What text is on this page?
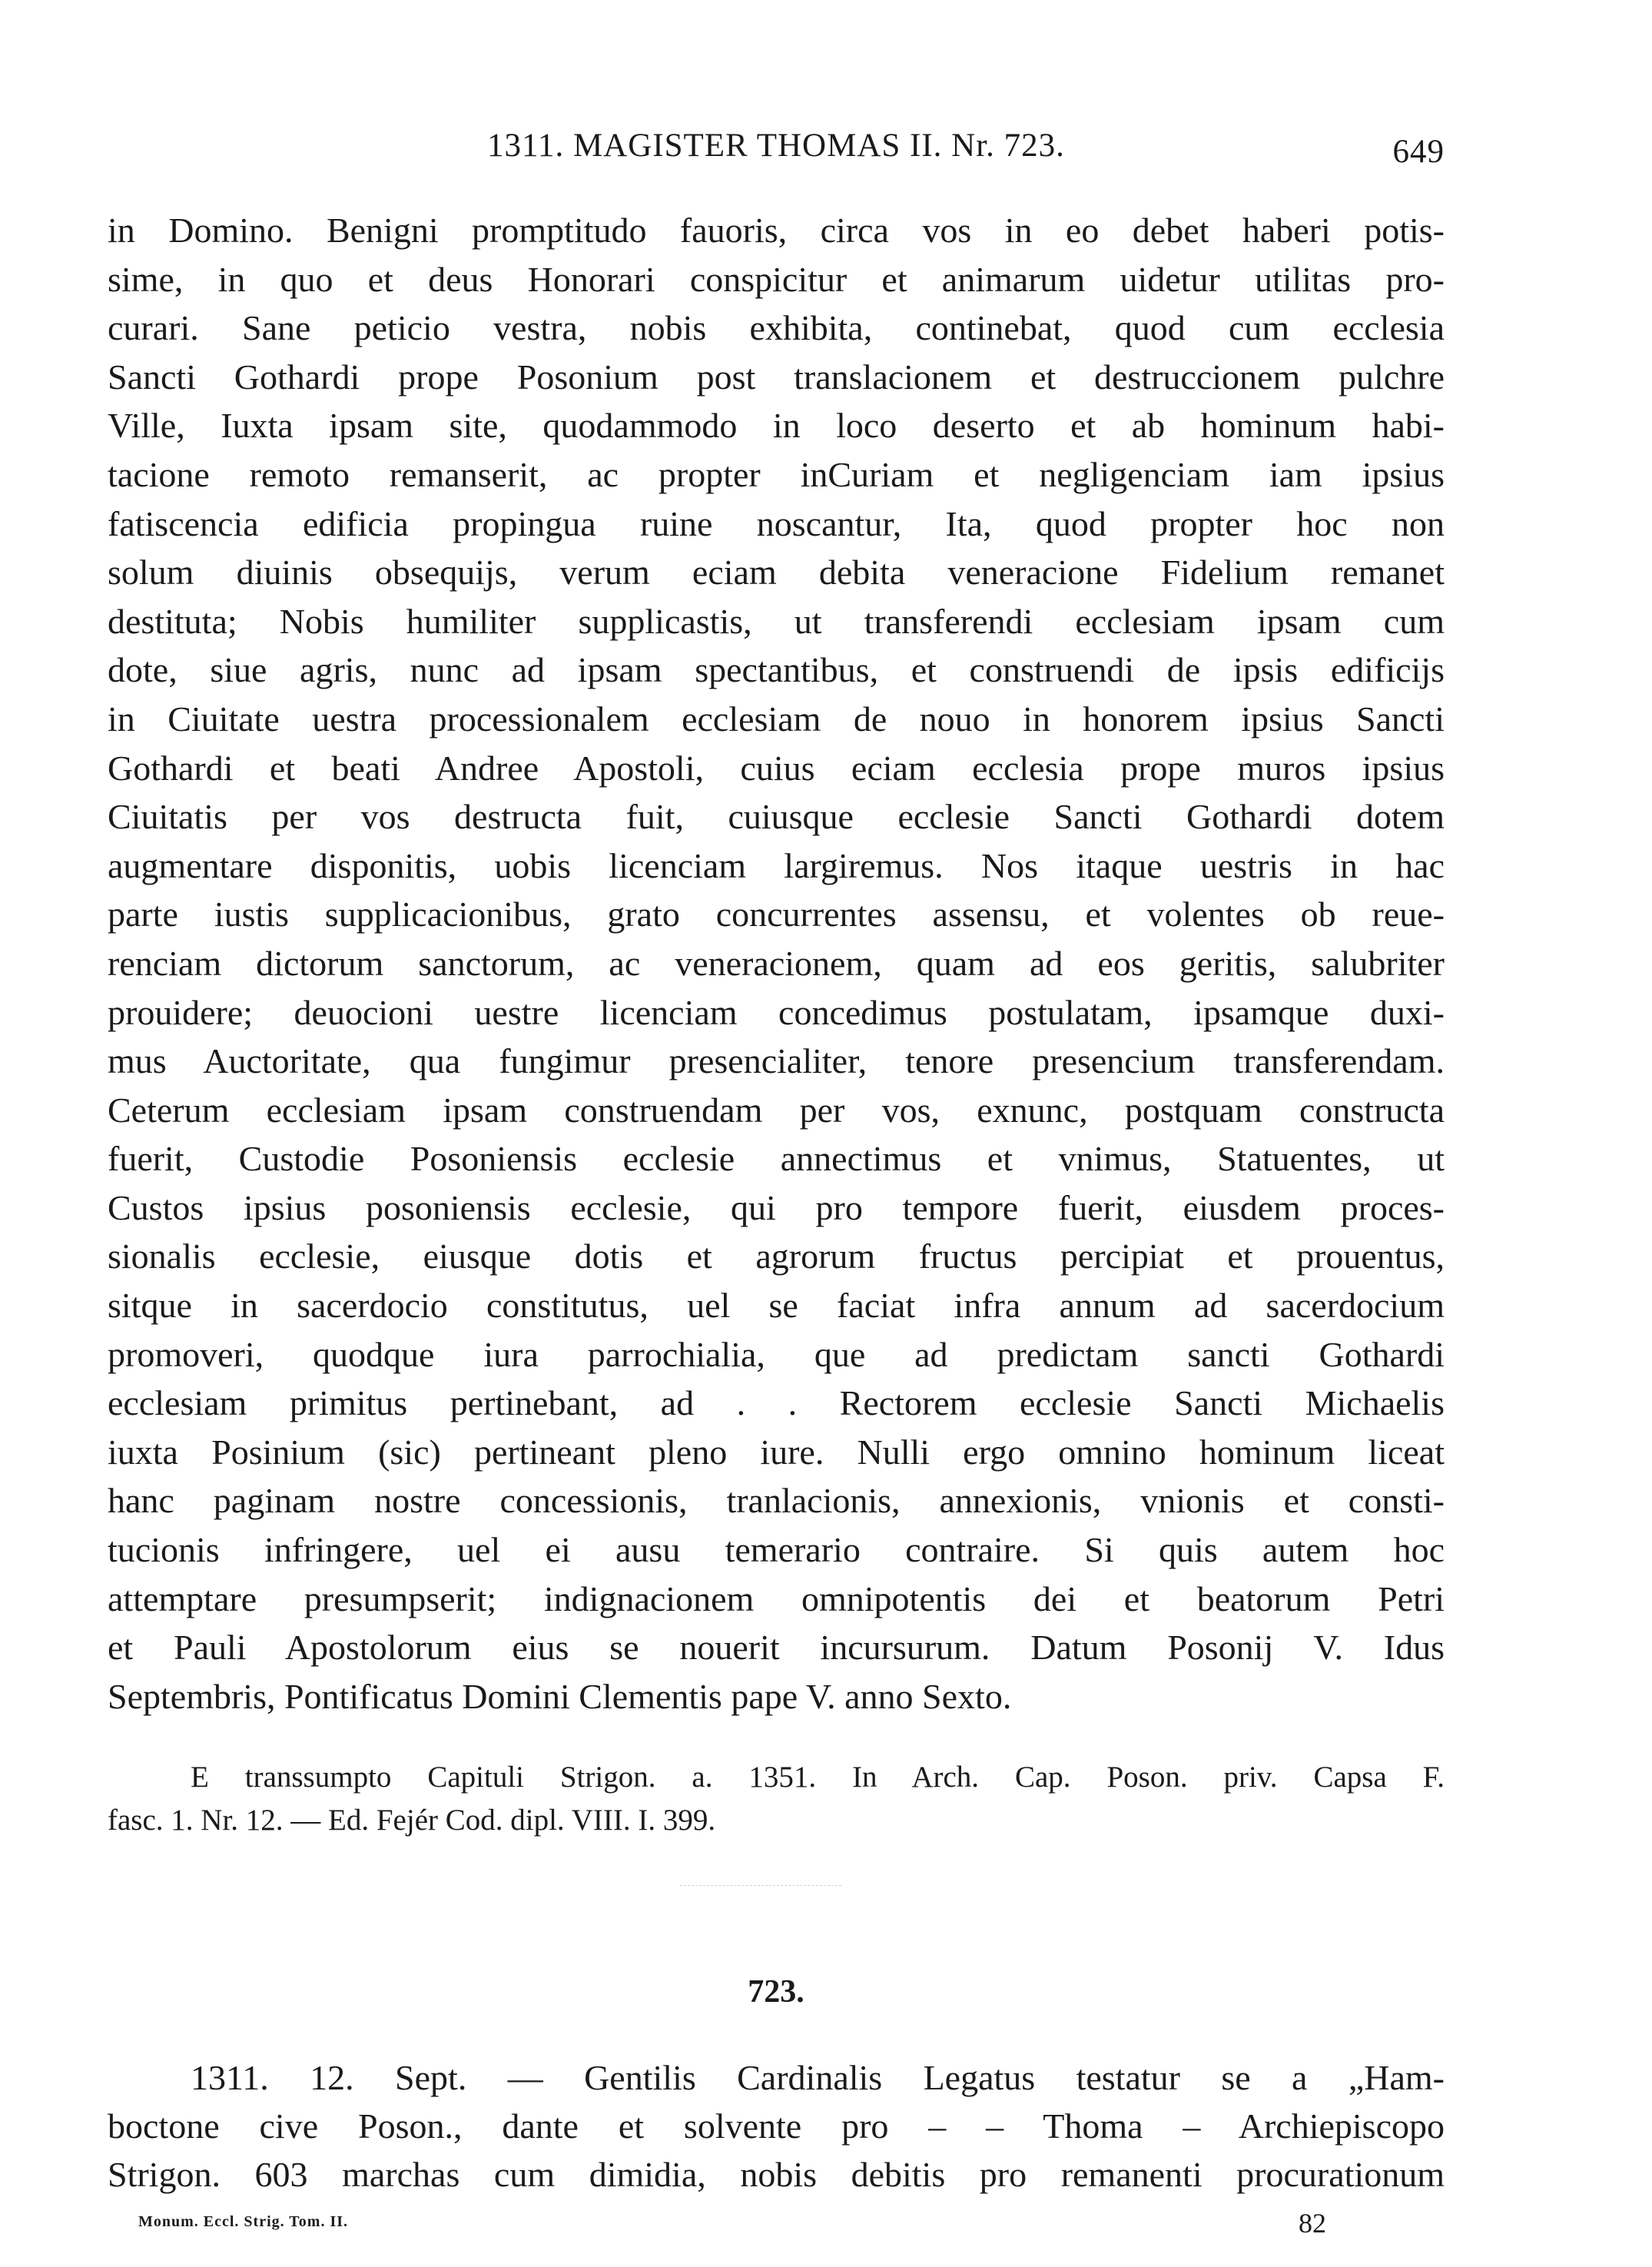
1311. MAGISTER THOMAS II. Nr. 723.	649
in Domino. Benigni promptitudo fauoris, circa vos in eo debet haberi potis-
sime, in quo et deus Honorari conspicitur et animarum uidetur utilitas pro-
curari. Sane peticio vestra, nobis exhibita, continebat, quod cum ecclesia
Sancti Gothardi prope Posonium post translacionem et destruccionem pulchre
Ville, Iuxta ipsam site, quodammodo in loco deserto et ab hominum habi-
tacione remoto remanserit, ac propter inCuriam et negligenciam iam ipsius
fatiscencia edificia propingua ruine noscantur, Ita, quod propter hoc non
solum diuinis obsequijs, verum eciam debita veneracione Fidelium remanet
destituta; Nobis humiliter supplicastis, ut transferendi ecclesiam ipsam cum
dote, siue agris, nunc ad ipsam spectantibus, et construendi de ipsis edificijs
in Ciuitate uestra processionalem ecclesiam de nouo in honorem ipsius Sancti
Gothardi et beati Andree Apostoli, cuius eciam ecclesia prope muros ipsius
Ciuitatis per vos destructa fuit, cuiusque ecclesie Sancti Gothardi dotem
augmentare disponitis, uobis licenciam largiremus. Nos itaque uestris in hac
parte iustis supplicacionibus, grato concurrentes assensu, et volentes ob reue-
renciam dictorum sanctorum, ac veneracionem, quam ad eos geritis, salubriter
prouidere; deuocioni uestre licenciam concedimus postulatam, ipsamque duxi-
mus Auctoritate, qua fungimur presencialiter, tenore presencium transferendam.
Ceterum ecclesiam ipsam construendam per vos, exnunc, postquam constructa
fuerit, Custodie Posoniensis ecclesie annectimus et vnimus, Statuentes, ut
Custos ipsius posoniensis ecclesie, qui pro tempore fuerit, eiusdem proces-
sionalis ecclesie, eiusque dotis et agrorum fructus percipiat et prouentus,
sitque in sacerdocio constitutus, uel se faciat infra annum ad sacerdocium
promoveri, quodque iura parrochialia, que ad predictam sancti Gothardi
ecclesiam primitus pertinebant, ad . . Rectorem ecclesie Sancti Michaelis
iuxta Posinium (sic) pertineant pleno iure. Nulli ergo omnino hominum liceat
hanc paginam nostre concessionis, tranlacionis, annexionis, vnionis et consti-
tucionis infringere, uel ei ausu temerario contraire. Si quis autem hoc
attemptare presumpserit; indignacionem omnipotentis dei et beatorum Petri
et Pauli Apostolorum eius se nouerit incursurum. Datum Posonij V. Idus
Septembris, Pontificatus Domini Clementis pape V. anno Sexto.
E transsumpto Capituli Strigon. a. 1351. In Arch. Cap. Poson. priv. Capsa F.
fasc. 1. Nr. 12. — Ed. Fejér Cod. dipl. VIII. I. 399.
723.
1311. 12. Sept. — Gentilis Cardinalis Legatus testatur se a „Ham-
boctone cive Poson., dante et solvente pro – – Thoma – Archiepiscopo
Strigon. 603 marchas cum dimidia, nobis debitis pro remanenti procurationum
Monum. Eccl. Strig. Tom. II.	82
